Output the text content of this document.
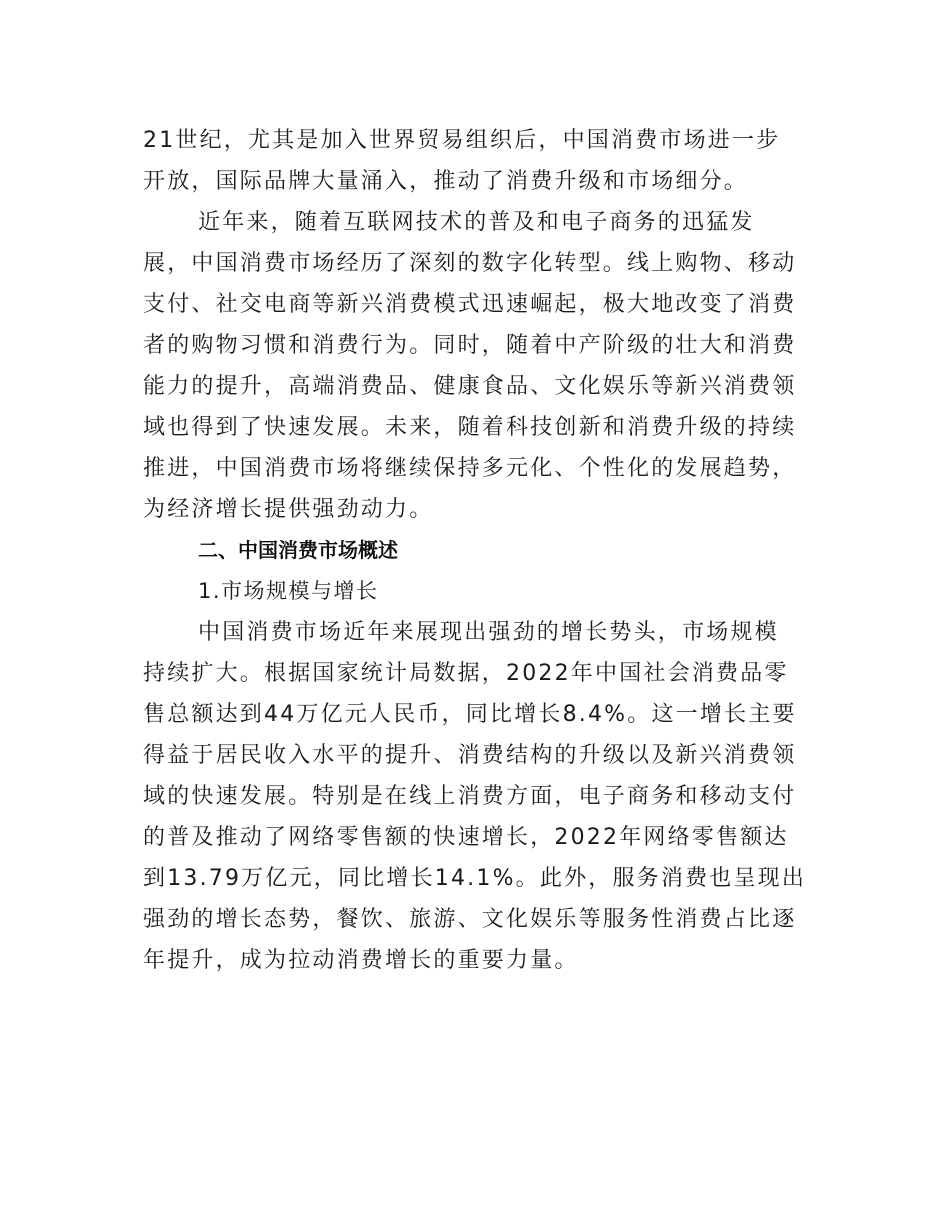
21世纪，尤其是加入世界贸易组织后，中国消费市场进一步
开放，国际品牌大量涌入，推动了消费升级和市场细分。
近年来，随着互联网技术的普及和电子商务的迅猛发
展，中国消费市场经历了深刻的数字化转型。线上购物、移动
支付、社交电商等新兴消费模式迅速崛起，极大地改变了消费
者的购物习惯和消费行为。同时，随着中产阶级的壮大和消费
能力的提升，高端消费品、健康食品、文化娱乐等新兴消费领
域也得到了快速发展。未来，随着科技创新和消费升级的持续
推进，中国消费市场将继续保持多元化、个性化的发展趋势，
为经济增长提供强劲动力。
二、中国消费市场概述
1.市场规模与增长
中国消费市场近年来展现出强劲的增长势头，市场规模
持续扩大。根据国家统计局数据，2022年中国社会消费品零
售总额达到44万亿元人民币，同比增长8.4%。这一增长主要
得益于居民收入水平的提升、消费结构的升级以及新兴消费领
域的快速发展。特别是在线上消费方面，电子商务和移动支付
的普及推动了网络零售额的快速增长，2022年网络零售额达
到13.79万亿元，同比增长14.1%。此外，服务消费也呈现出
强劲的增长态势，餐饮、旅游、文化娱乐等服务性消费占比逐
年提升，成为拉动消费增长的重要力量。
